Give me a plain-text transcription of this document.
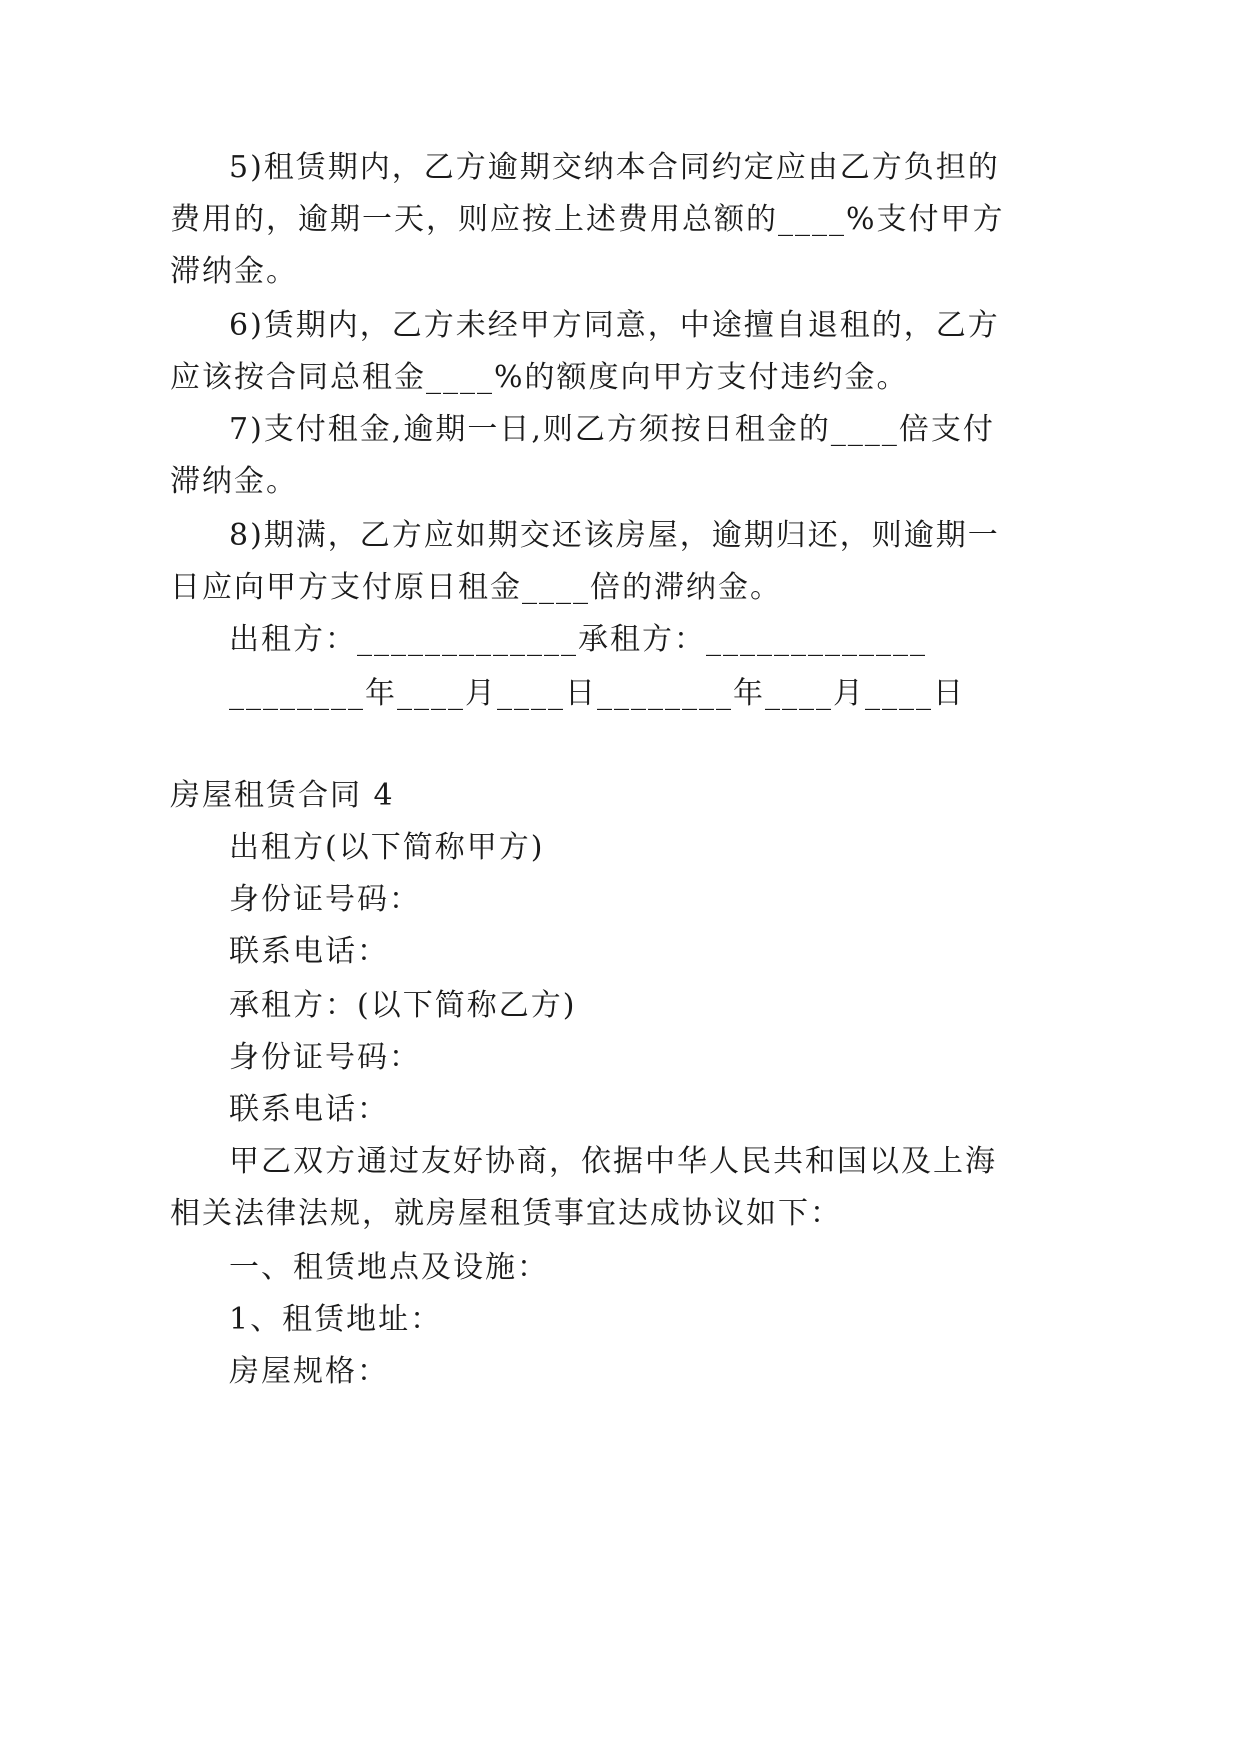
5)租赁期内，乙方逾期交纳本合同约定应由乙方负担的
费用的，逾期一天，则应按上述费用总额的____%支付甲方
滞纳金。
6)赁期内，乙方未经甲方同意，中途擅自退租的，乙方
应该按合同总租金____%的额度向甲方支付违约金。
7)支付租金,逾期一日,则乙方须按日租金的____倍支付
滞纳金。
8)期满，乙方应如期交还该房屋，逾期归还，则逾期一
日应向甲方支付原日租金____倍的滞纳金。
出租方：_____________承租方：_____________
________年____月____日________年____月____日
房屋租赁合同 4
出租方(以下简称甲方)
身份证号码：
联系电话：
承租方：(以下简称乙方)
身份证号码：
联系电话：
甲乙双方通过友好协商，依据中华人民共和国以及上海
相关法律法规，就房屋租赁事宜达成协议如下：
一、租赁地点及设施：
1、租赁地址：
房屋规格：
